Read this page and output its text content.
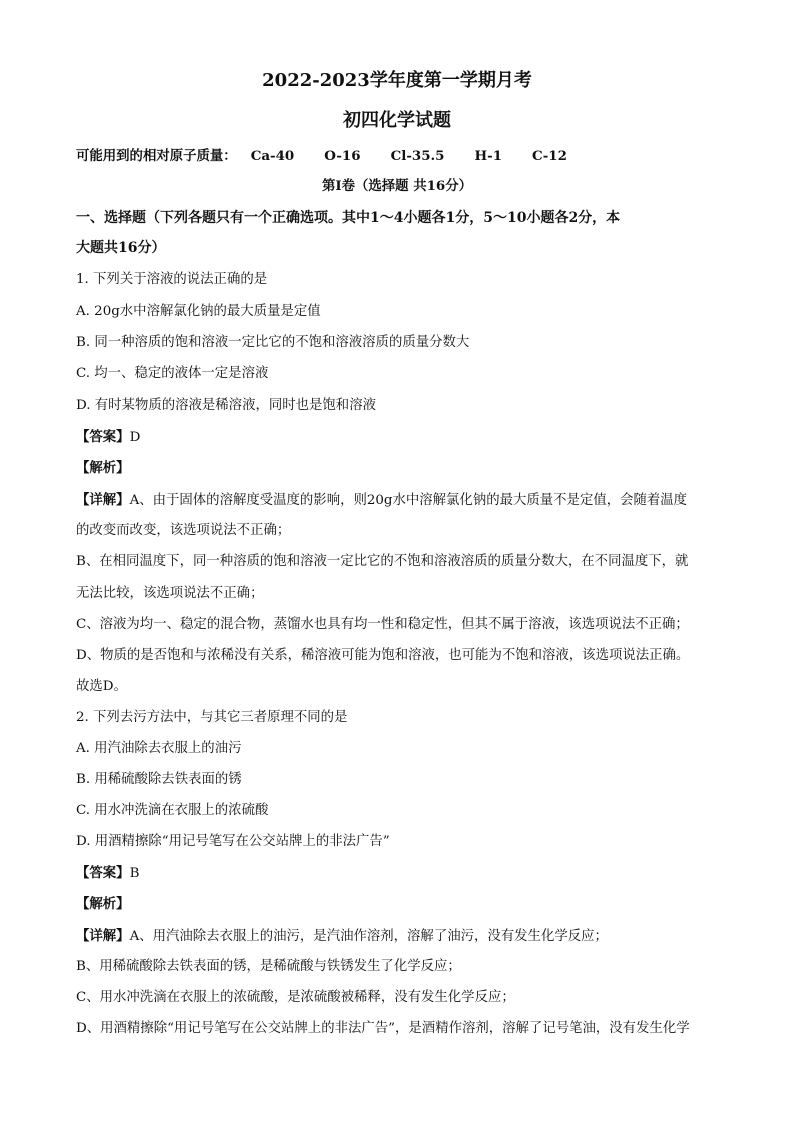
2022-2023学年度第一学期月考
初四化学试题
可能用到的相对原子质量： Ca-40 O-16 Cl-35.5 H-1 C-12
第Ⅰ卷（选择题 共16分）
一、选择题（下列各题只有一个正确选项。其中1～4小题各1分，5～10小题各2分，本
大题共16分）
1. 下列关于溶液的说法正确的是
A. 20g水中溶解氯化钠的最大质量是定值
B. 同一种溶质的饱和溶液一定比它的不饱和溶液溶质的质量分数大
C. 均一、稳定的液体一定是溶液
D. 有时某物质的溶液是稀溶液，同时也是饱和溶液
【答案】D
【解析】
【详解】A、由于固体的溶解度受温度的影响，则20g水中溶解氯化钠的最大质量不是定值，会随着温度
的改变而改变，该选项说法不正确；
B、在相同温度下，同一种溶质的饱和溶液一定比它的不饱和溶液溶质的质量分数大，在不同温度下，就
无法比较，该选项说法不正确；
C、溶液为均一、稳定的混合物，蒸馏水也具有均一性和稳定性，但其不属于溶液，该选项说法不正确；
D、物质的是否饱和与浓稀没有关系，稀溶液可能为饱和溶液，也可能为不饱和溶液，该选项说法正确。
故选D。
2. 下列去污方法中，与其它三者原理不同的是
A. 用汽油除去衣服上的油污
B. 用稀硫酸除去铁表面的锈
C. 用水冲洗滴在衣服上的浓硫酸
D. 用酒精擦除“用记号笔写在公交站牌上的非法广告”
【答案】B
【解析】
【详解】A、用汽油除去衣服上的油污，是汽油作溶剂，溶解了油污，没有发生化学反应；
B、用稀硫酸除去铁表面的锈，是稀硫酸与铁锈发生了化学反应；
C、用水冲洗滴在衣服上的浓硫酸，是浓硫酸被稀释，没有发生化学反应；
D、用酒精擦除“用记号笔写在公交站牌上的非法广告”，是酒精作溶剂，溶解了记号笔油，没有发生化学
